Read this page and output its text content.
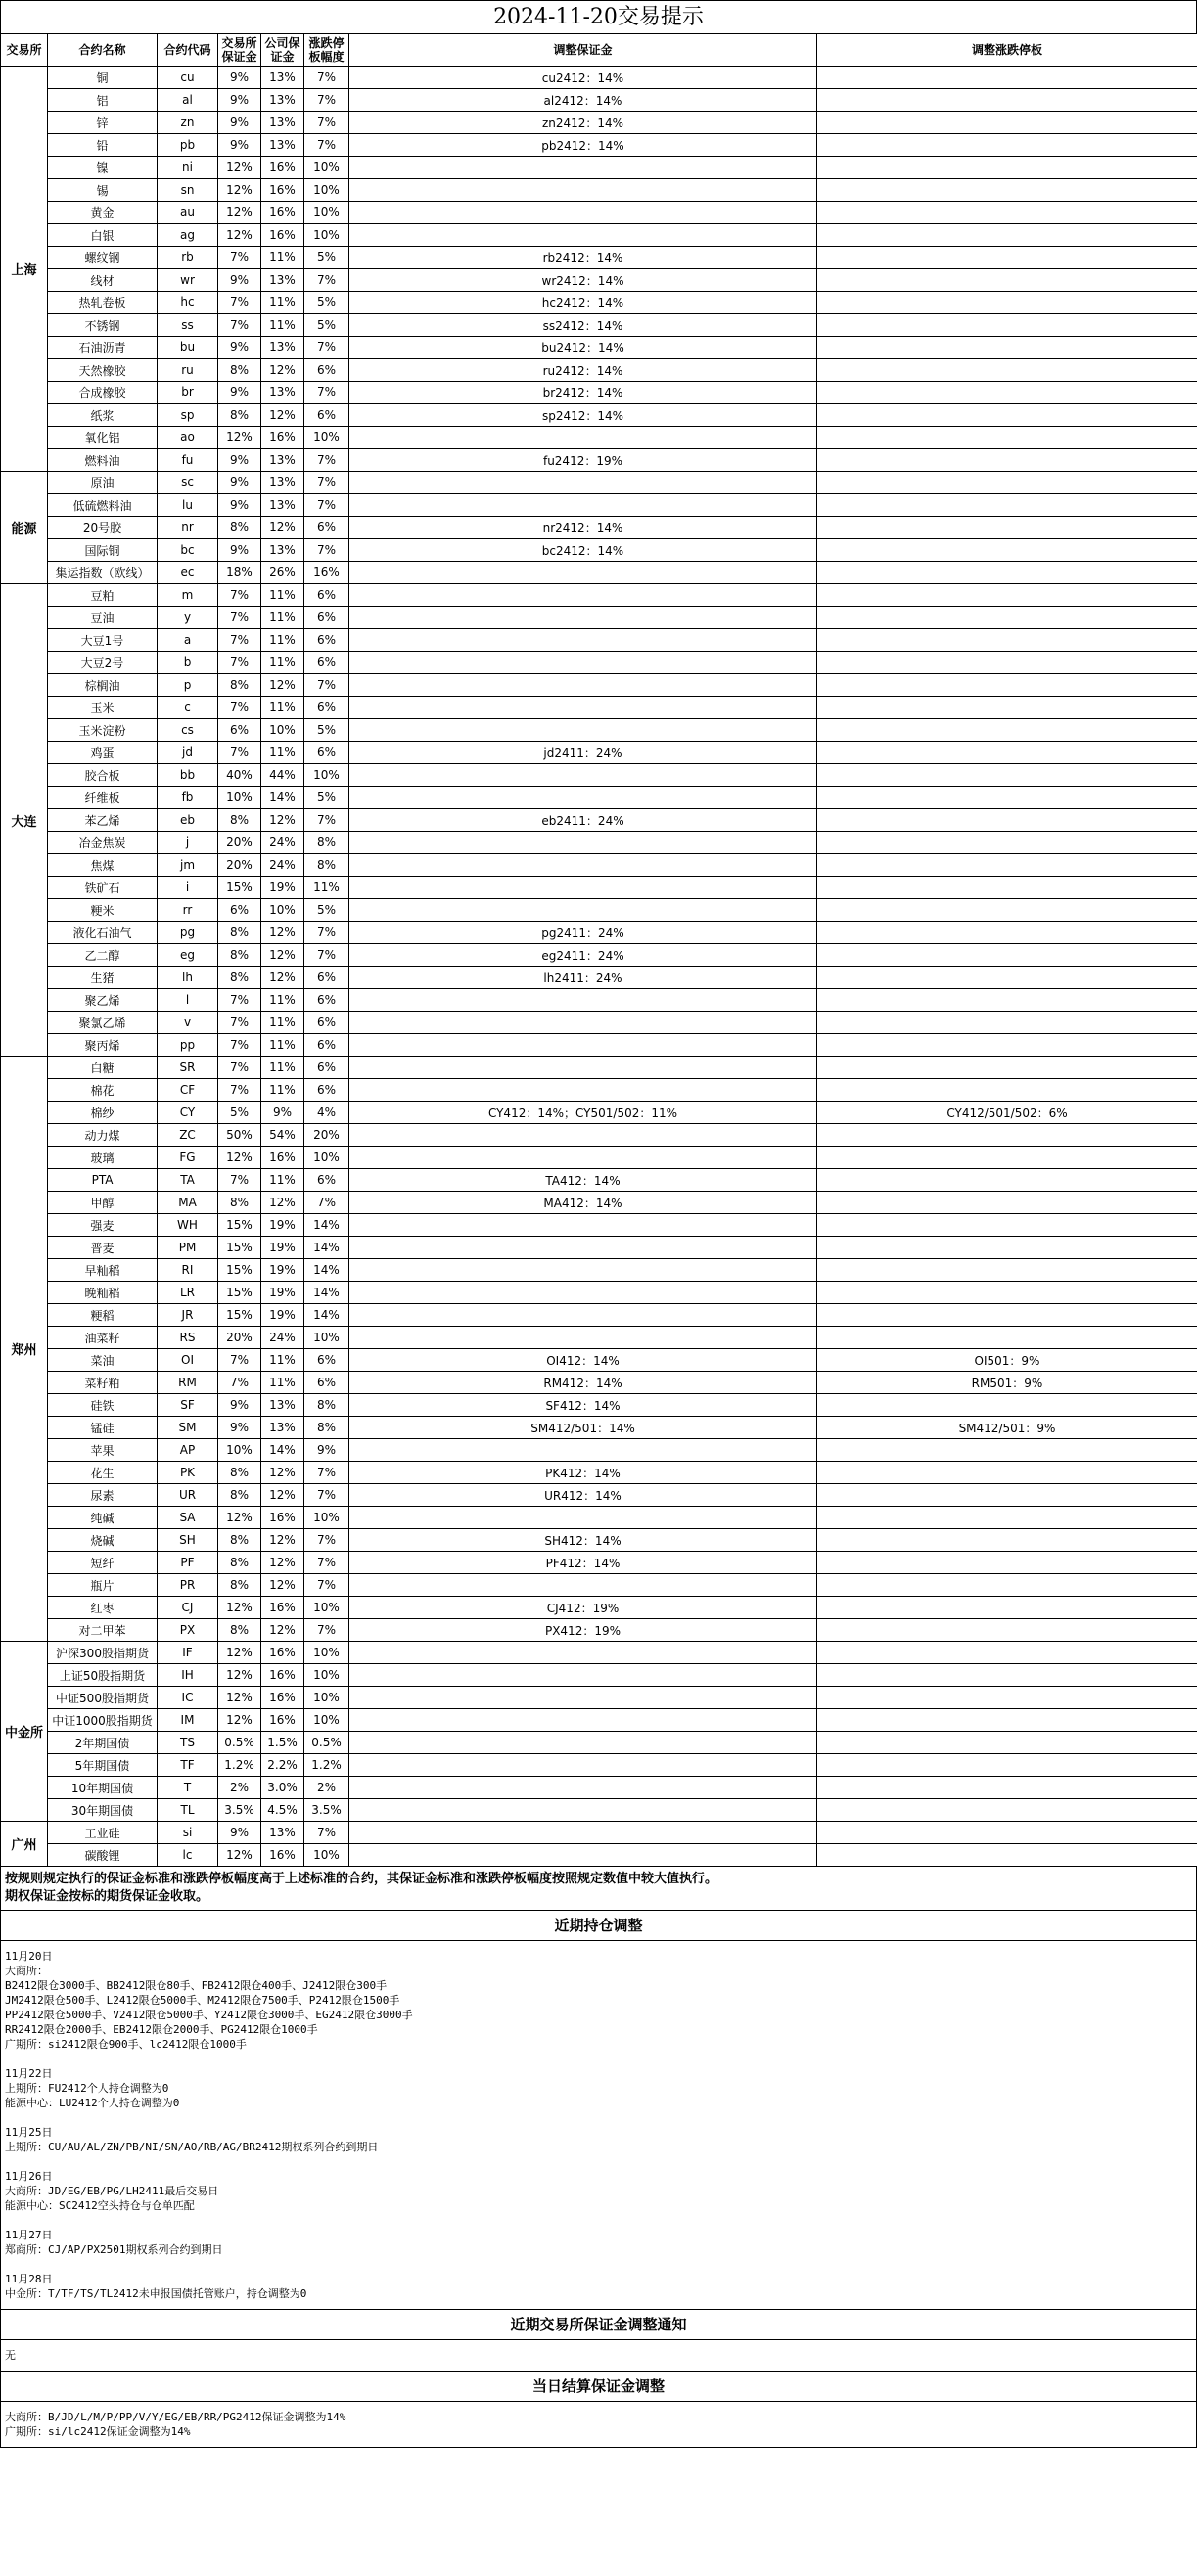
2024-11-20交易提示
交易所	合约名称	合约代码	交易所保证金	公司保证金	涨跌停板幅度	调整保证金	调整涨跌停板
上海	铜	cu	9%	13%	7%	cu2412：14%	
	铝	al	9%	13%	7%	al2412：14%	
	锌	zn	9%	13%	7%	zn2412：14%	
	铅	pb	9%	13%	7%	pb2412：14%	
	镍	ni	12%	16%	10%		
	锡	sn	12%	16%	10%		
	黄金	au	12%	16%	10%		
	白银	ag	12%	16%	10%		
	螺纹钢	rb	7%	11%	5%	rb2412：14%	
	线材	wr	9%	13%	7%	wr2412：14%	
	热轧卷板	hc	7%	11%	5%	hc2412：14%	
	不锈钢	ss	7%	11%	5%	ss2412：14%	
	石油沥青	bu	9%	13%	7%	bu2412：14%	
	天然橡胶	ru	8%	12%	6%	ru2412：14%	
	合成橡胶	br	9%	13%	7%	br2412：14%	
	纸浆	sp	8%	12%	6%	sp2412：14%	
	氧化铝	ao	12%	16%	10%		
	燃料油	fu	9%	13%	7%	fu2412：19%	
能源	原油	sc	9%	13%	7%		
	低硫燃料油	lu	9%	13%	7%		
	20号胶	nr	8%	12%	6%	nr2412：14%	
	国际铜	bc	9%	13%	7%	bc2412：14%	
	集运指数（欧线）	ec	18%	26%	16%		
大连	豆粕	m	7%	11%	6%		
	豆油	y	7%	11%	6%		
	大豆1号	a	7%	11%	6%		
	大豆2号	b	7%	11%	6%		
	棕榈油	p	8%	12%	7%		
	玉米	c	7%	11%	6%		
	玉米淀粉	cs	6%	10%	5%		
	鸡蛋	jd	7%	11%	6%	jd2411：24%	
	胶合板	bb	40%	44%	10%		
	纤维板	fb	10%	14%	5%		
	苯乙烯	eb	8%	12%	7%	eb2411：24%	
	冶金焦炭	j	20%	24%	8%		
	焦煤	jm	20%	24%	8%		
	铁矿石	i	15%	19%	11%		
	粳米	rr	6%	10%	5%		
	液化石油气	pg	8%	12%	7%	pg2411：24%	
	乙二醇	eg	8%	12%	7%	eg2411：24%	
	生猪	lh	8%	12%	6%	lh2411：24%	
	聚乙烯	l	7%	11%	6%		
	聚氯乙烯	v	7%	11%	6%		
	聚丙烯	pp	7%	11%	6%		
郑州	白糖	SR	7%	11%	6%		
	棉花	CF	7%	11%	6%		
	棉纱	CY	5%	9%	4%	CY412：14%；CY501/502：11%	CY412/501/502：6%
	动力煤	ZC	50%	54%	20%		
	玻璃	FG	12%	16%	10%		
	PTA	TA	7%	11%	6%	TA412：14%	
	甲醇	MA	8%	12%	7%	MA412：14%	
	强麦	WH	15%	19%	14%		
	普麦	PM	15%	19%	14%		
	早籼稻	RI	15%	19%	14%		
	晚籼稻	LR	15%	19%	14%		
	粳稻	JR	15%	19%	14%		
	油菜籽	RS	20%	24%	10%		
	菜油	OI	7%	11%	6%	OI412：14%	OI501：9%
	菜籽粕	RM	7%	11%	6%	RM412：14%	RM501：9%
	硅铁	SF	9%	13%	8%	SF412：14%	
	锰硅	SM	9%	13%	8%	SM412/501：14%	SM412/501：9%
	苹果	AP	10%	14%	9%		
	花生	PK	8%	12%	7%	PK412：14%	
	尿素	UR	8%	12%	7%	UR412：14%	
	纯碱	SA	12%	16%	10%		
	烧碱	SH	8%	12%	7%	SH412：14%	
	短纤	PF	8%	12%	7%	PF412：14%	
	瓶片	PR	8%	12%	7%		
	红枣	CJ	12%	16%	10%	CJ412：19%	
	对二甲苯	PX	8%	12%	7%	PX412：19%	
中金所	沪深300股指期货	IF	12%	16%	10%		
	上证50股指期货	IH	12%	16%	10%		
	中证500股指期货	IC	12%	16%	10%		
	中证1000股指期货	IM	12%	16%	10%		
	2年期国债	TS	0.5%	1.5%	0.5%		
	5年期国债	TF	1.2%	2.2%	1.2%		
	10年期国债	T	2%	3.0%	2%		
	30年期国债	TL	3.5%	4.5%	3.5%		
广州	工业硅	si	9%	13%	7%		
	碳酸锂	lc	12%	16%	10%		
按规则规定执行的保证金标准和涨跌停板幅度高于上述标准的合约，其保证金标准和涨跌停板幅度按照规定数值中较大值执行。
期权保证金按标的期货保证金收取。
近期持仓调整
11月20日
大商所：
B2412限仓3000手、BB2412限仓80手、FB2412限仓400手、J2412限仓300手
JM2412限仓500手、L2412限仓5000手、M2412限仓7500手、P2412限仓1500手
PP2412限仓5000手、V2412限仓5000手、Y2412限仓3000手、EG2412限仓3000手
RR2412限仓2000手、EB2412限仓2000手、PG2412限仓1000手
广期所：si2412限仓900手、lc2412限仓1000手

11月22日
上期所：FU2412个人持仓调整为0
能源中心：LU2412个人持仓调整为0

11月25日
上期所：CU/AU/AL/ZN/PB/NI/SN/AO/RB/AG/BR2412期权系列合约到期日

11月26日
大商所：JD/EG/EB/PG/LH2411最后交易日
能源中心：SC2412空头持仓与仓单匹配

11月27日
郑商所：CJ/AP/PX2501期权系列合约到期日

11月28日
中金所：T/TF/TS/TL2412未申报国债托管账户，持仓调整为0
近期交易所保证金调整通知
无
当日结算保证金调整
大商所：B/JD/L/M/P/PP/V/Y/EG/EB/RR/PG2412保证金调整为14%
广期所：si/lc2412保证金调整为14%
